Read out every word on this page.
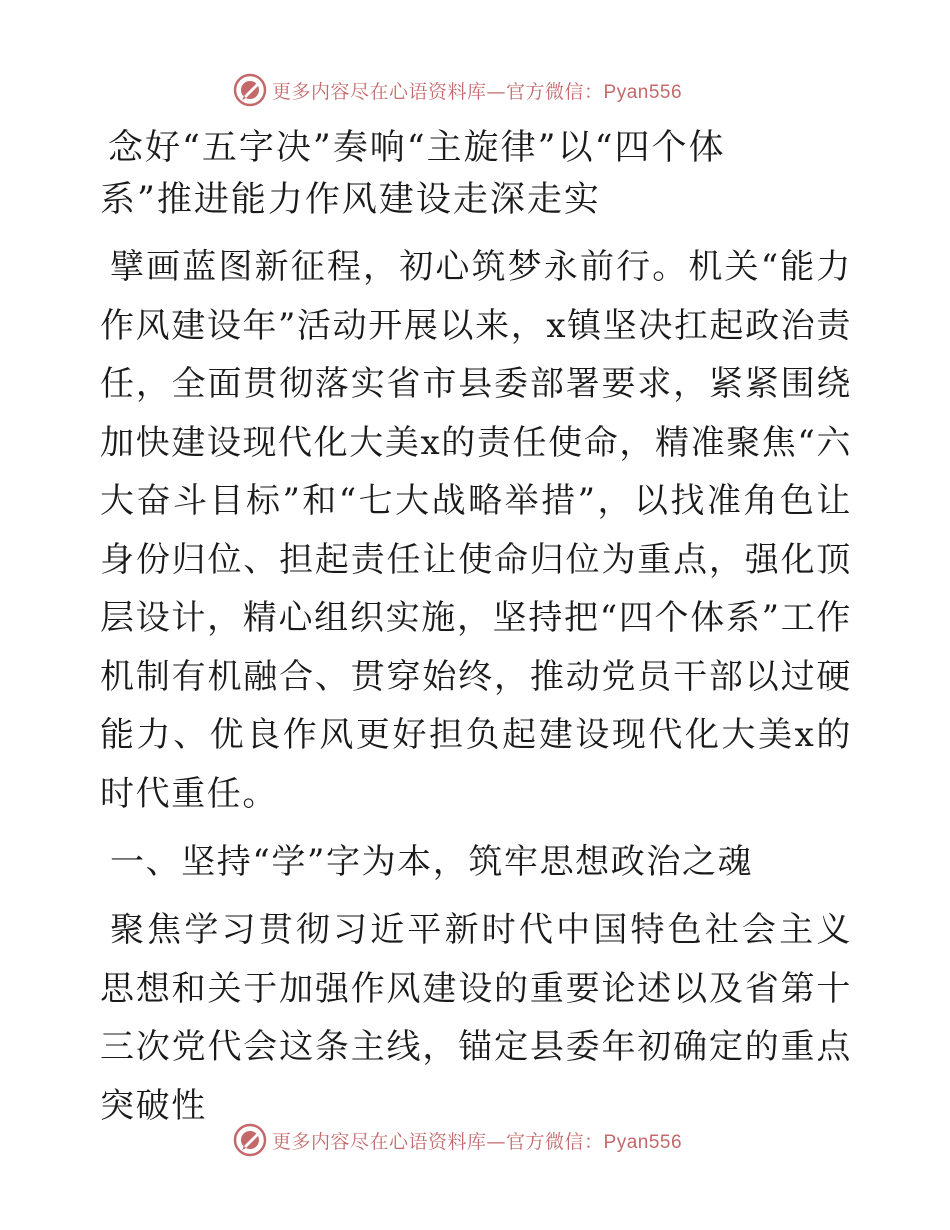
更多内容尽在心语资料库—官方微信：Pyan556
念好“五字决”奏响“主旋律”以“四个体
系”推进能力作风建设走深走实

擘画蓝图新征程，初心筑梦永前行。机关“能力作风建设年”活动开展以来，x镇坚决扛起政治责任，全面贯彻落实省市县委部署要求，紧紧围绕加快建设现代化大美x的责任使命，精准聚焦“六大奋斗目标”和“七大战略举措”，以找准角色让身份归位、担起责任让使命归位为重点，强化顶层设计，精心组织实施，坚持把“四个体系”工作机制有机融合、贯穿始终，推动党员干部以过硬能力、优良作风更好担负起建设现代化大美x的时代重任。

一、坚持“学”字为本，筑牢思想政治之魂

聚焦学习贯彻习近平新时代中国特色社会主义思想和关于加强作风建设的重要论述以及省第十三次党代会这条主线，锚定县委年初确定的重点突破性

更多内容尽在心语资料库—官方微信：Pyan556
